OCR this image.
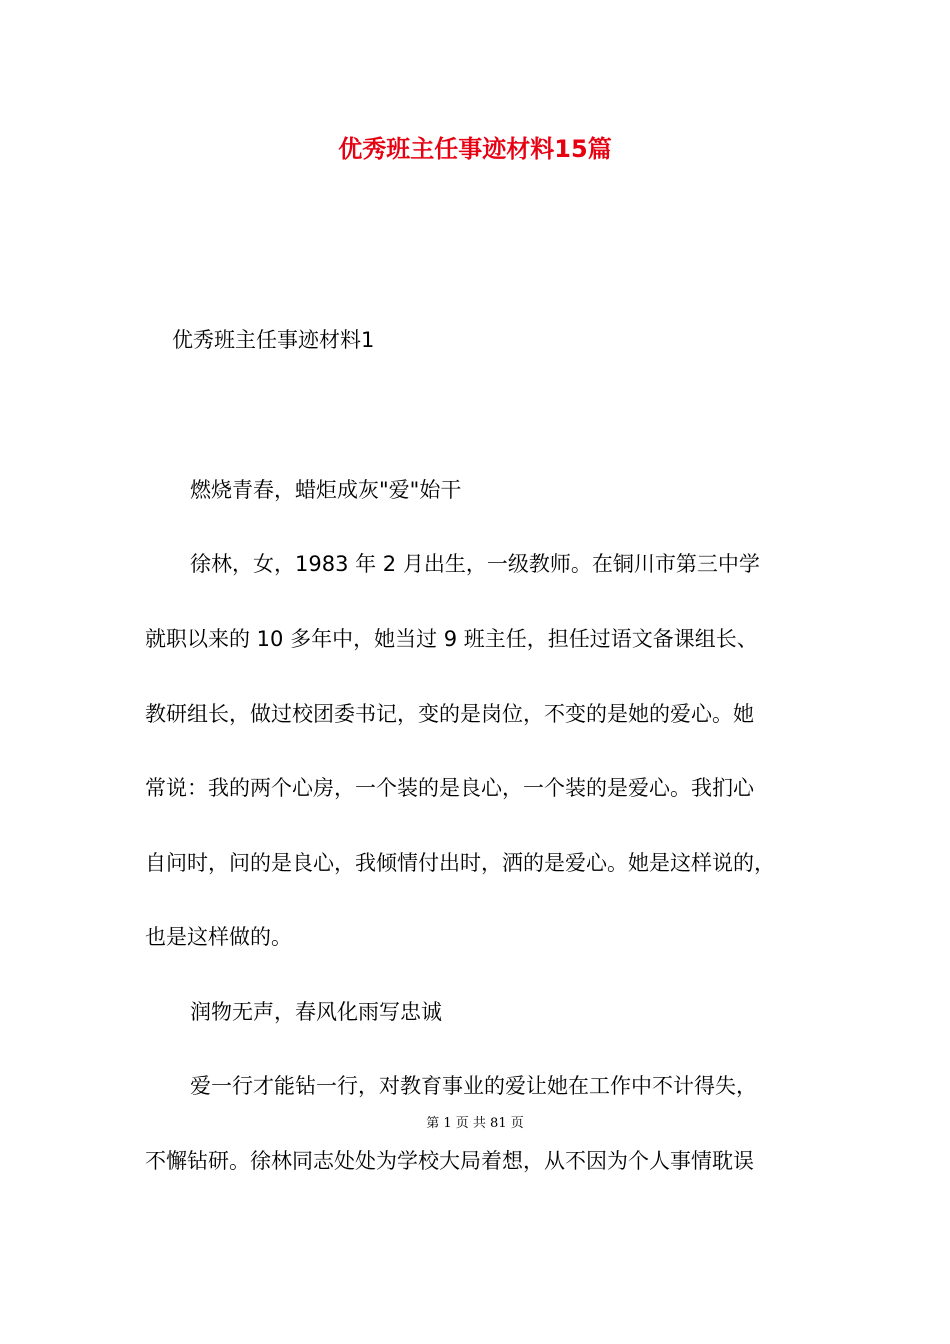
优秀班主任事迹材料15篇
优秀班主任事迹材料1
燃烧青春，蜡炬成灰"爱"始干
徐林，女，1983 年 2 月出生，一级教师。在铜川市第三中学
就职以来的 10 多年中，她当过 9 班主任，担任过语文备课组长、
教研组长，做过校团委书记，变的是岗位，不变的是她的爱心。她
常说：我的两个心房，一个装的是良心，一个装的是爱心。我扪心
自问时，问的是良心，我倾情付出时，洒的是爱心。她是这样说的，
也是这样做的。
润物无声，春风化雨写忠诚
爱一行才能钻一行，对教育事业的爱让她在工作中不计得失，
第 1 页 共 81 页
不懈钻研。徐林同志处处为学校大局着想，从不因为个人事情耽误
